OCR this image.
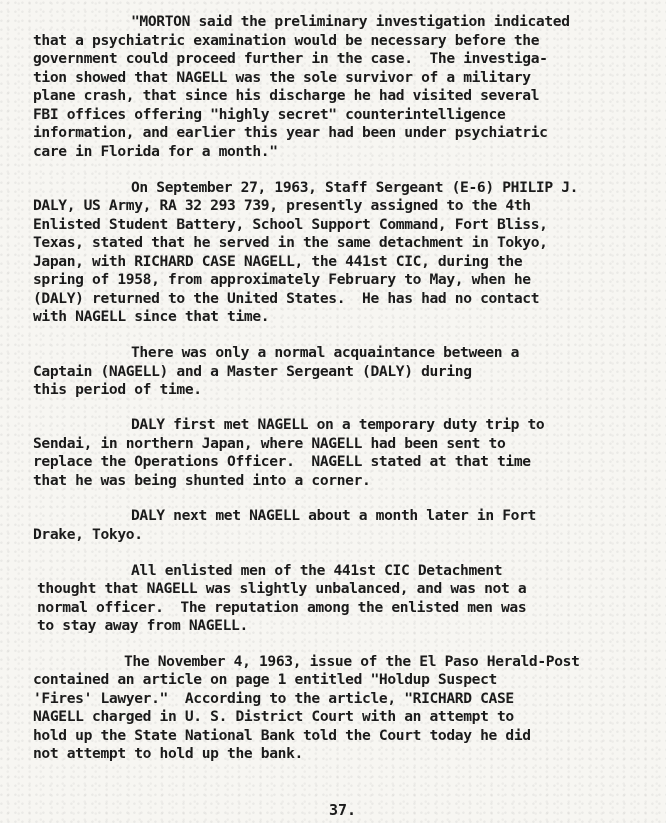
"MORTON said the preliminary investigation indicated
that a psychiatric examination would be necessary before the
government could proceed further in the case.  The investiga-
tion showed that NAGELL was the sole survivor of a military
plane crash, that since his discharge he had visited several
FBI offices offering "highly secret" counterintelligence
information, and earlier this year had been under psychiatric
care in Florida for a month."
On September 27, 1963, Staff Sergeant (E-6) PHILIP J.
DALY, US Army, RA 32 293 739, presently assigned to the 4th
Enlisted Student Battery, School Support Command, Fort Bliss,
Texas, stated that he served in the same detachment in Tokyo,
Japan, with RICHARD CASE NAGELL, the 441st CIC, during the
spring of 1958, from approximately February to May, when he
(DALY) returned to the United States.  He has had no contact
with NAGELL since that time.
There was only a normal acquaintance between a
Captain (NAGELL) and a Master Sergeant (DALY) during
this period of time.
DALY first met NAGELL on a temporary duty trip to
Sendai, in northern Japan, where NAGELL had been sent to
replace the Operations Officer.  NAGELL stated at that time
that he was being shunted into a corner.
DALY next met NAGELL about a month later in Fort
Drake, Tokyo.
All enlisted men of the 441st CIC Detachment
thought that NAGELL was slightly unbalanced, and was not a
normal officer.  The reputation among the enlisted men was
to stay away from NAGELL.
The November 4, 1963, issue of the El Paso Herald-Post
contained an article on page 1 entitled "Holdup Suspect
'Fires' Lawyer."  According to the article, "RICHARD CASE
NAGELL charged in U. S. District Court with an attempt to
hold up the State National Bank told the Court today he did
not attempt to hold up the bank.
37.
